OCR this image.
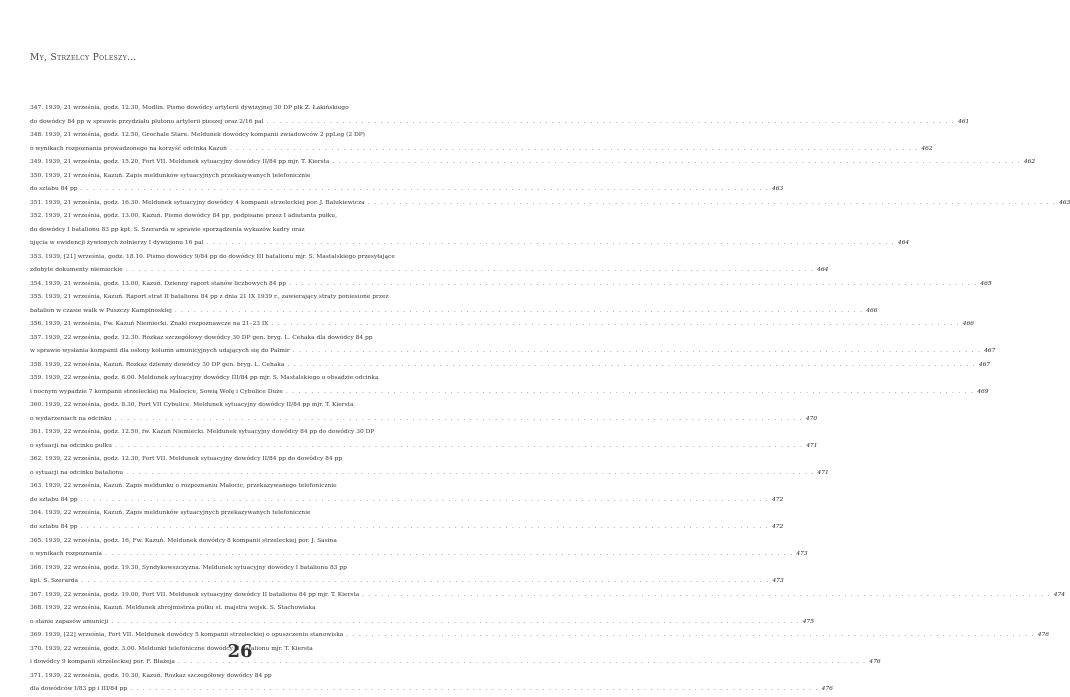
My, Strzelcy Poleszy…
347. 1939, 21 września, godz. 12.30, Modlin. Pismo dowódcy artylerii dywizyjnej 30 DP płk Z. Łakińskiego
do dowódcy 84 pp w sprawie przydziału plutonu artylerii pieszej oraz 2/16 pal . . .	461
348. 1939, 21 września, godz. 12.50, Grochale Stare. Meldunek dowódcy kompanii zwiadowców 2 ppLeg (2 DP)
o wynikach rozpoznania prowadzonego na korzyść odcinka Kazuń . . .	462
349. 1939, 21 września, godz. 15.20, Fort VII. Meldunek sytuacyjny dowódcy II/84 pp mjr. T. Kiersta . . .	462
350. 1939, 21 września, Kazuń. Zapis meldunków sytuacyjnych przekazywanych telefonicznie
do sztabu 84 pp . . .	463
351. 1939, 21 września, godz. 16.30. Meldunek sytuacyjny dowódcy 4 kompanii strzeleckiej por. J. Balukiewicza . . .	463
352. 1939, 21 września, godz. 13.00, Kazuń. Pismo dowódcy 84 pp, podpisane przez I adiutanta pułku,
do dowódcy I batalionu 83 pp kpt. S. Szerarda w sprawie sporządzenia wykazów kadry oraz
ujęcia w ewidencji żywionych żołnierzy I dywizjonu 16 pal . . .	464
353. 1939, [21] września, godz. 18.10. Pismo dowódcy 9/84 pp do dowódcy III batalionu mjr. S. Mastalskiego przesyłające
zdobyte dokumenty niemieckie . . .	464
354. 1939, 21 września, godz. 13.00, Kazuń. Dzienny raport stanów liczbowych 84 pp . . .	465
355. 1939, 21 września, Kazuń. Raport strat II batalionu 84 pp z dnia 21 IX 1939 r., zawierający straty poniesione przez
batalion w czasie walk w Puszczy Kampinoskiej . . .	466
356. 1939, 21 września, Fw. Kazuń Niemiecki. Znaki rozpoznawcze na 21–23 IX . . .	466
357. 1939, 22 września, godz. 12.30. Rozkaz szczegółowy dowódcy 30 DP gen. bryg. L. Cehaka dla dowódcy 84 pp
w sprawie wysłania kompanii dla osłony kolumn amunicyjnych udających się do Palmir . . .	467
358. 1939, 22 września, Kazuń. Rozkaz dzienny dowódcy 30 DP gen. bryg. L. Cehaka . . .	467
359. 1939, 22 września, godz. 6.00. Meldunek sytuacyjny dowódcy III/84 pp mjr. S. Mastalskiego o obsadzie odcinka
i nocnym wypadzie 7 kompanii strzeleckiej na Małocice, Sowią Wolę i Cybulice Duże . . .	469
360. 1939, 22 września, godz. 8.30, Fort VII Cybulice. Meldunek sytuacyjny dowódcy II/84 pp mjr. T. Kiersta
o wydarzeniach na odcinku . . .	470
361. 1939, 22 września, godz. 12.50, fw. Kazuń Niemiecki. Meldunek sytuacyjny dowódcy 84 pp do dowódcy 30 DP
o sytuacji na odcinku pułku . . .	471
362. 1939, 22 września, godz. 12.30, Fort VII. Meldunek sytuacyjny dowódcy II/84 pp do dowódcy 84 pp
o sytuacji na odcinku batalionu . . .	471
363. 1939, 22 września, Kazuń. Zapis meldunku o rozpoznaniu Małocic, przekazywanego telefonicznie
do sztabu 84 pp . . .	472
364. 1939, 22 września, Kazuń. Zapis meldunków sytuacyjnych przekazywanych telefonicznie
do sztabu 84 pp . . .	472
365. 1939, 22 września, godz. 16, Fw. Kazuń. Meldunek dowódcy 8 kompanii strzeleckiej por. J. Sasina
o wynikach rozpoznania . . .	473
366. 1939, 22 września, godz. 19.30, Syndykowszczyzna. Meldunek sytuacyjny dowódcy I batalionu 83 pp
kpt. S. Szerarda . . .	473
367. 1939, 22 września, godz. 19.00, Fort VII. Meldunek sytuacyjny dowódcy II batalionu 84 pp mjr. T. Kiersta . . .	474
368. 1939, 22 września, Kazuń. Meldunek zbrojmistrza pułku st. majstra wojsk. S. Stachowiaka
o stanie zapasów amunicji . . .	475
369. 1939, [22] września, Fort VII. Meldunek dowódcy 5 kompanii strzeleckiej o opuszczeniu stanowiska . . .	476
370. 1939, 22 września, godz. 3.00. Meldunki telefoniczne dowódcy II batalionu mjr. T. Kiersta
i dowódcy 9 kompanii strzeleckiej por. F. Błażeja . . .	476
371. 1939, 22 września, godz. 10.30, Kazuń. Rozkaz szczegółowy dowódcy 84 pp
dla dowódców I/83 pp i III/84 pp . . .	476
26
